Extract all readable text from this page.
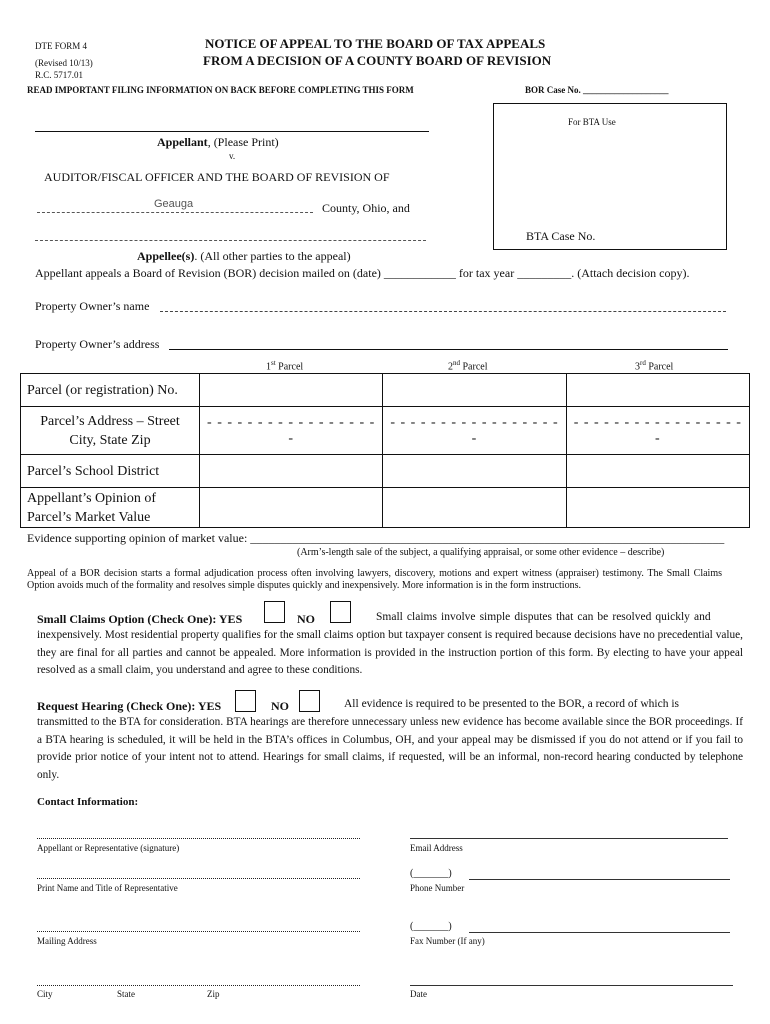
DTE FORM 4
(Revised 10/13)
R.C. 5717.01
NOTICE OF APPEAL TO THE BOARD OF TAX APPEALS
FROM A DECISION OF A COUNTY BOARD OF REVISION
READ IMPORTANT FILING INFORMATION ON BACK BEFORE COMPLETING THIS FORM	BOR Case No. ___________________
For BTA Use
BTA Case No.
Appellant, (Please Print)
v.
AUDITOR/FISCAL OFFICER AND THE BOARD OF REVISION OF
Geauga	County, Ohio, and
Appellee(s). (All other parties to the appeal)
Appellant appeals a Board of Revision (BOR) decision mailed on (date) ____________ for tax year _________. (Attach decision copy).
Property Owner’s name
Property Owner’s address
1st Parcel	2nd Parcel	3rd Parcel
Parcel (or registration) No.			
Parcel’s Address – Street
City, State Zip	- - - - - - - - - - - - - - - - - -	- - - - - - - - - - - - - - - - - -	- - - - - - - - - - - - - - - - - -
Parcel’s School District			
Appellant’s Opinion of
Parcel’s Market Value			
Evidence supporting opinion of market value: _______________________________________________________________________________
(Arm’s-length sale of the subject, a qualifying appraisal, or some other evidence – describe)
Appeal of a BOR decision starts a formal adjudication process often involving lawyers, discovery, motions and expert witness (appraiser) testimony. The Small Claims Option avoids much of the formality and resolves simple disputes quickly and inexpensively. More information is in the form instructions.
Small Claims Option (Check One): YES	NO	Small claims involve simple disputes that can be resolved quickly and
inexpensively. Most residential property qualifies for the small claims option but taxpayer consent is required because decisions have no precedential value, they are final for all parties and cannot be appealed. More information is provided in the instruction portion of this form. By electing to have your appeal resolved as a small claim, you understand and agree to these conditions.
Request Hearing (Check One): YES	NO	All evidence is required to be presented to the BOR, a record of which is
transmitted to the BTA for consideration. BTA hearings are therefore unnecessary unless new evidence has become available since the BOR proceedings. If a BTA hearing is scheduled, it will be held in the BTA’s offices in Columbus, OH, and your appeal may be dismissed if you do not attend or if you fail to provide prior notice of your intent not to attend. Hearings for small claims, if requested, will be an informal, non-record hearing conducted by telephone only.
Contact Information:
Appellant or Representative (signature)	Email Address
Print Name and Title of Representative
(_______)
Phone Number
Mailing Address
(_______)
Fax Number (If any)
City	State	Zip	Date
